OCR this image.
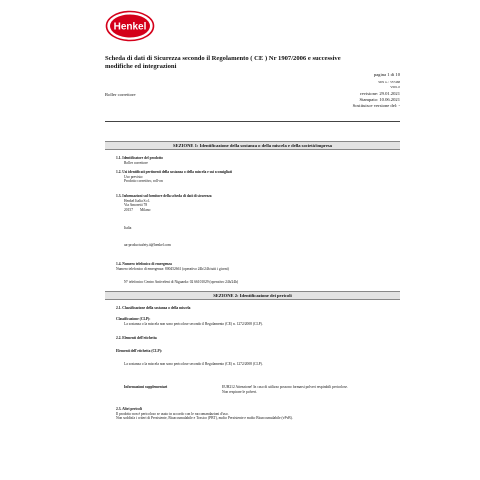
Henkel
Scheda di dati di Sicurezza secondo il Regolamento ( CE ) Nr 1907/2006 e successive
modifiche ed integrazioni
pagina 1 di 10
SDS n. : 557468
V001.0
revisione: 29.01.2021
Stampato: 10.06.2021
Sostituisce versione del: -
Roller correttore
SEZIONE 1: Identificazione della sostanza o della miscela e della società/impresa
1.1. Identificatore del prodotto
Roller correttore
1.2. Usi identificati pertinenti della sostanza o della miscela e usi sconsigliati
Uso previsto:
Prodotto correttivo, roll-on
1.3. Informazioni sul fornitore della scheda di dati di sicurezza
Henkel Italia S.r.l.
Via Amoretti 78
20157 Milano
Italia
ua-productsafety.it@henkel.com
1.4. Numero telefonico di emergenza
Numero telefonico di emergenza: 800452661 (operativo 24h/24h tutti i giorni)
N° telefonico Centro Antiveleni di Niguarda: 02 66101029 (operativo 24h/24h)
SEZIONE 2: Identificazione dei pericoli
2.1. Classificazione della sostanza o della miscela
Classificazione (CLP):
La sostanza o la miscela non sono pericolose secondo il Regolamento (CE) n. 1272/2008 (CLP).
2.2. Elementi dell'etichetta
Elementi dell'etichetta (CLP):
La sostanza o la miscela non sono pericolose secondo il Regolamento (CE) n. 1272/2008 (CLP).
Informazioni supplementari	EUH212 Attenzione! In caso di utilizzo possono formarsi polveri respirabili pericolose.
Non respirare le polveri.
2.3. Altri pericoli
Il prodotto non è pericoloso se usato in accordo con le raccomandazioni d'uso.
Non soddisfa i criteri di Persistente, Bioaccumulabile e Tossico (PBT), molto Persistente e molto Bioaccumulabile (vPvB).
